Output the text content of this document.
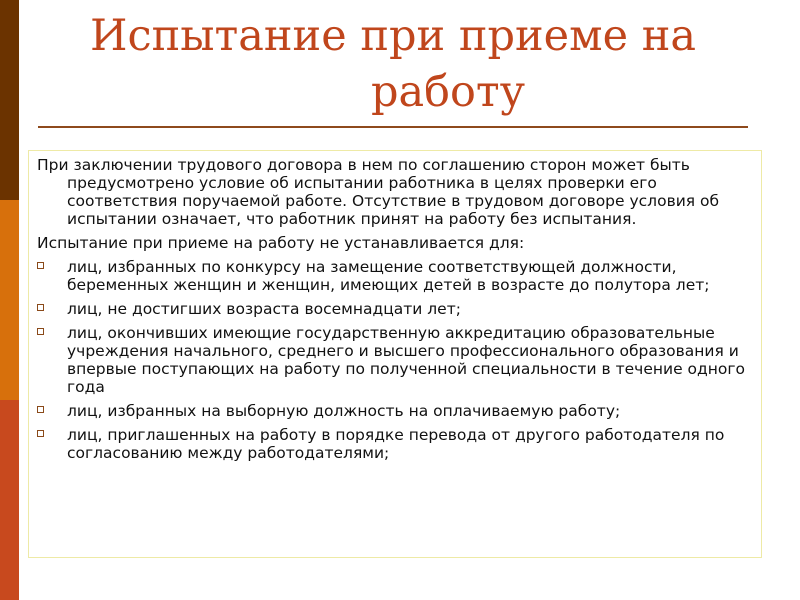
Испытание при приеме на
работу

При заключении трудового договора в нем по соглашению сторон может быть предусмотрено условие об испытании работника в целях проверки его соответствия поручаемой работе. Отсутствие в трудовом договоре условия об испытании означает, что работник принят на работу без испытания.

Испытание при приеме на работу не устанавливается для:

лиц, избранных по конкурсу на замещение соответствующей должности, беременных женщин и женщин, имеющих детей в возрасте до полутора лет;
лиц, не достигших возраста восемнадцати лет;
лиц, окончивших имеющие государственную аккредитацию образовательные учреждения начального, среднего и высшего профессионального образования и впервые поступающих на работу по полученной специальности в течение одного года
лиц, избранных на выборную должность на оплачиваемую работу;
лиц, приглашенных на работу в порядке перевода от другого работодателя по согласованию между работодателями;
